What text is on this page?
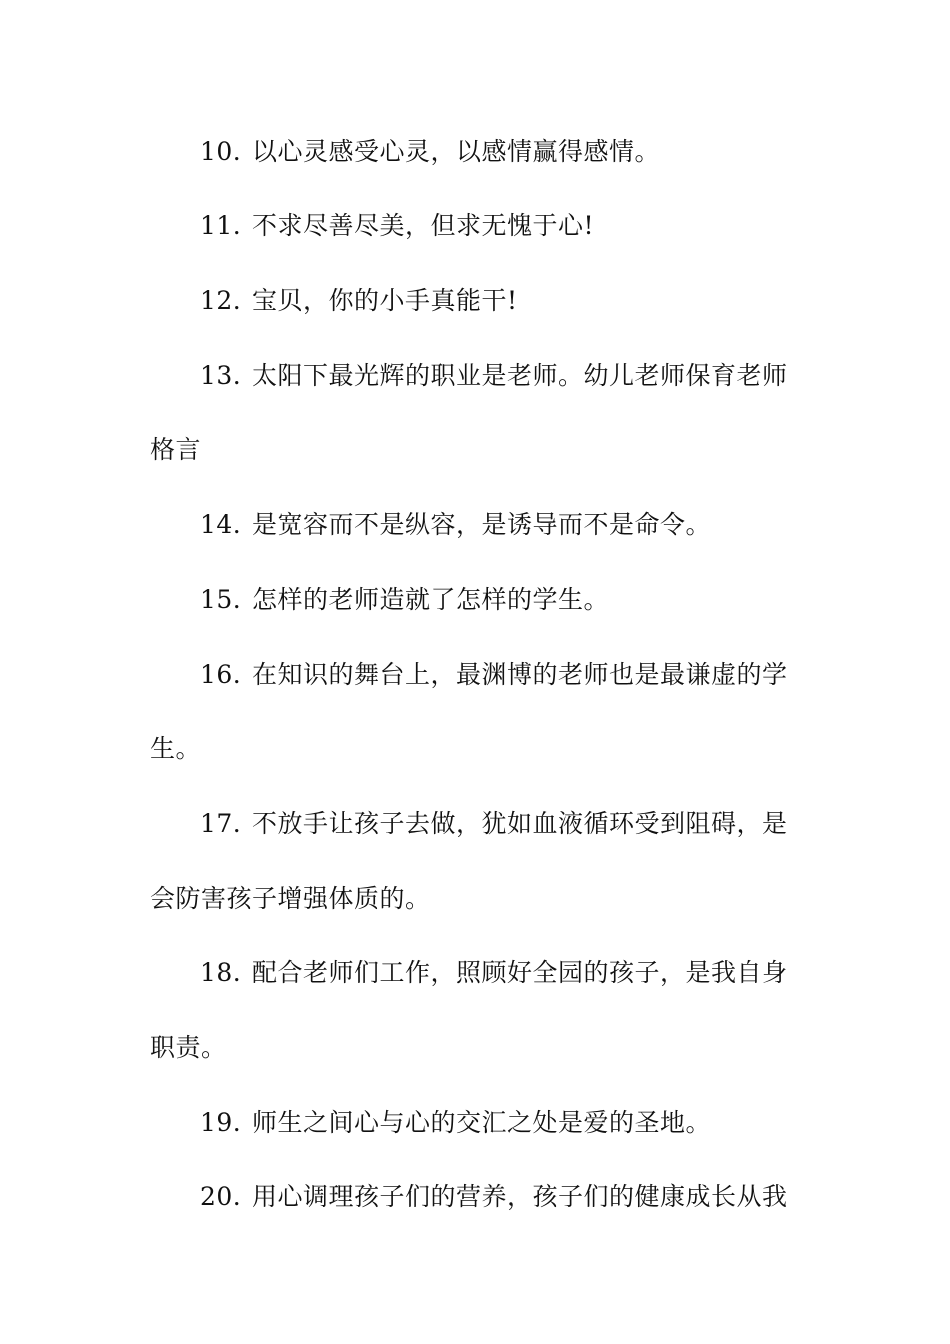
10. 以心灵感受心灵，以感情赢得感情。
11. 不求尽善尽美，但求无愧于心!
12. 宝贝，你的小手真能干!
13. 太阳下最光辉的职业是老师。幼儿老师保育老师
格言
14. 是宽容而不是纵容，是诱导而不是命令。
15. 怎样的老师造就了怎样的学生。
16. 在知识的舞台上，最渊博的老师也是最谦虚的学
生。
17. 不放手让孩子去做，犹如血液循环受到阻碍，是
会防害孩子增强体质的。
18. 配合老师们工作，照顾好全园的孩子，是我自身
职责。
19. 师生之间心与心的交汇之处是爱的圣地。
20. 用心调理孩子们的营养，孩子们的健康成长从我
